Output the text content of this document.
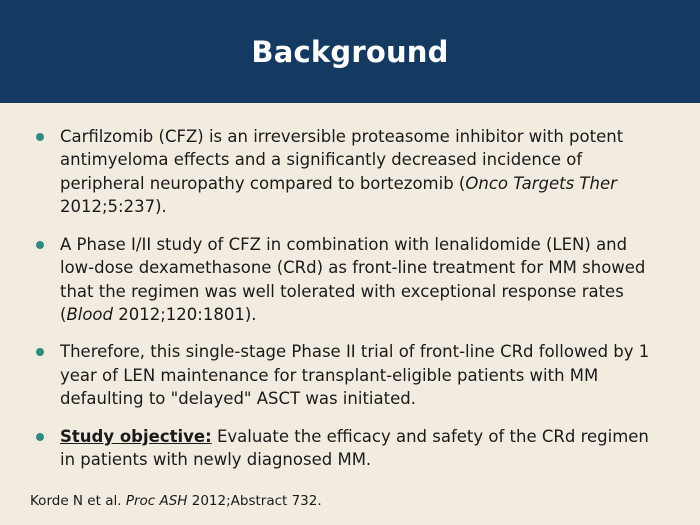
Background
Carfilzomib (CFZ) is an irreversible proteasome inhibitor with potent antimyeloma effects and a significantly decreased incidence of peripheral neuropathy compared to bortezomib (Onco Targets Ther 2012;5:237).
A Phase I/II study of CFZ in combination with lenalidomide (LEN) and low-dose dexamethasone (CRd) as front-line treatment for MM showed that the regimen was well tolerated with exceptional response rates (Blood 2012;120:1801).
Therefore, this single-stage Phase II trial of front-line CRd followed by 1 year of LEN maintenance for transplant-eligible patients with MM defaulting to "delayed" ASCT was initiated.
Study objective: Evaluate the efficacy and safety of the CRd regimen in patients with newly diagnosed MM.
Korde N et al. Proc ASH 2012;Abstract 732.
